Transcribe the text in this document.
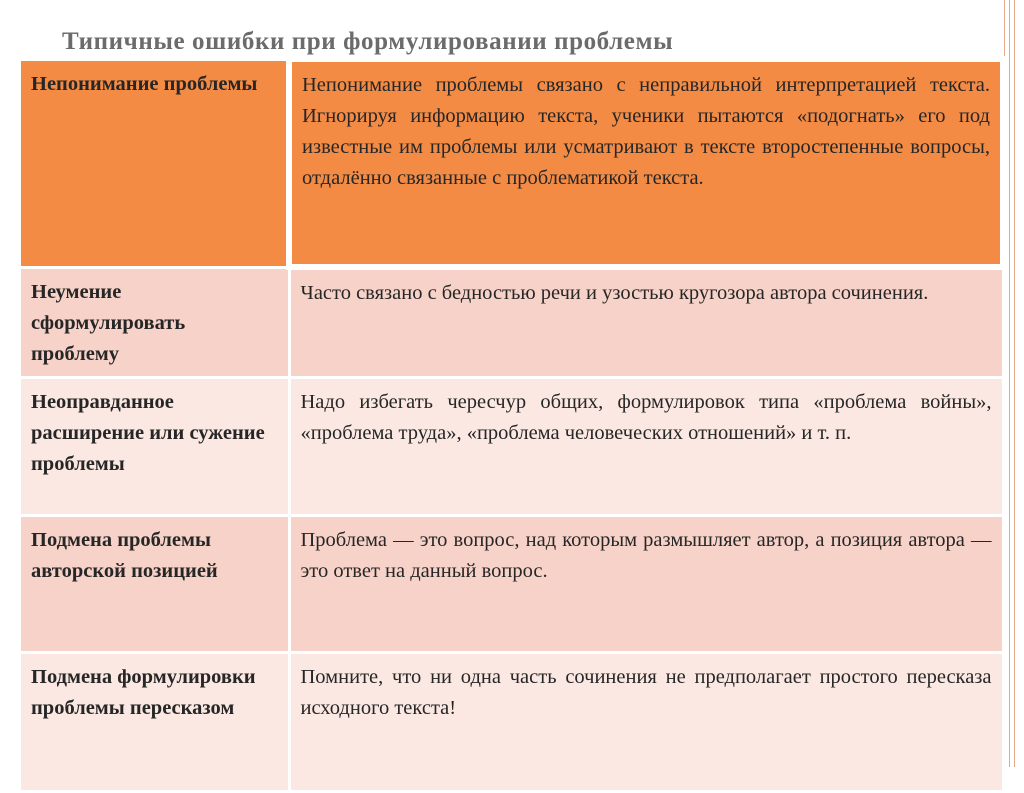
Типичные ошибки при формулировании проблемы
Непонимание проблемы	Непонимание проблемы связано с неправильной интерпретацией текста. Игнорируя информацию текста, ученики пытаются «подогнать» его под известные им проблемы или усматривают в тексте второстепенные вопросы, отдалённо связанные с проблематикой текста.
Неумение сформулировать проблему	Часто связано с бедностью речи и узостью кругозора автора сочинения.
Неоправданное расширение или сужение проблемы	Надо избегать чересчур общих, формулировок типа «проблема войны», «проблема труда», «проблема человеческих отношений» и т. п.
Подмена проблемы авторской позицией	Проблема — это вопрос, над которым размышляет автор, а позиция автора — это ответ на данный вопрос.
Подмена формулировки проблемы пересказом	Помните, что ни одна часть сочинения не предполагает простого пересказа исходного текста!
